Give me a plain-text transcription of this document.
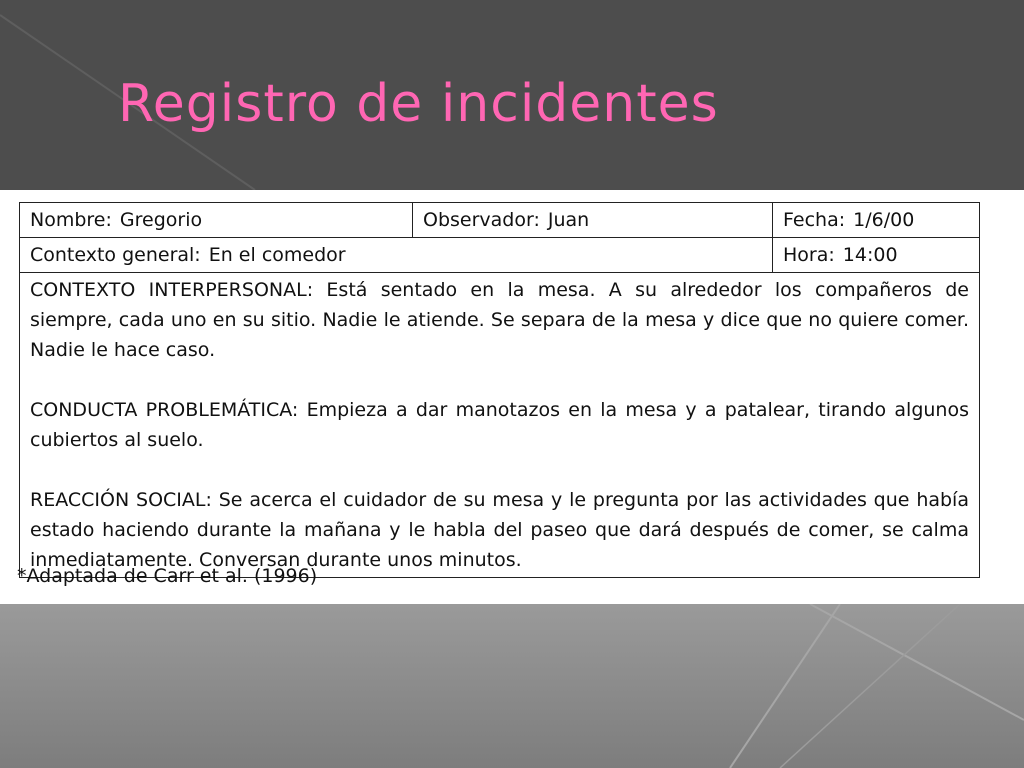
Registro de incidentes
Nombre: Gregorio	Observador: Juan	Fecha: 1/6/00
Contexto general: En el comedor		Hora: 14:00

CONTEXTO INTERPERSONAL: Está sentado en la mesa. A su alrededor los compañeros de siempre, cada uno en su sitio. Nadie le atiende. Se separa de la mesa y dice que no quiere comer. Nadie le hace caso.

CONDUCTA PROBLEMÁTICA: Empieza a dar manotazos en la mesa y a patalear, tirando algunos cubiertos al suelo.

REACCIÓN SOCIAL: Se acerca el cuidador de su mesa y le pregunta por las actividades que había estado haciendo durante la mañana y le habla del paseo que dará después de comer, se calma inmediatamente. Conversan durante unos minutos.		

*Adaptada de Carr et al. (1996)
